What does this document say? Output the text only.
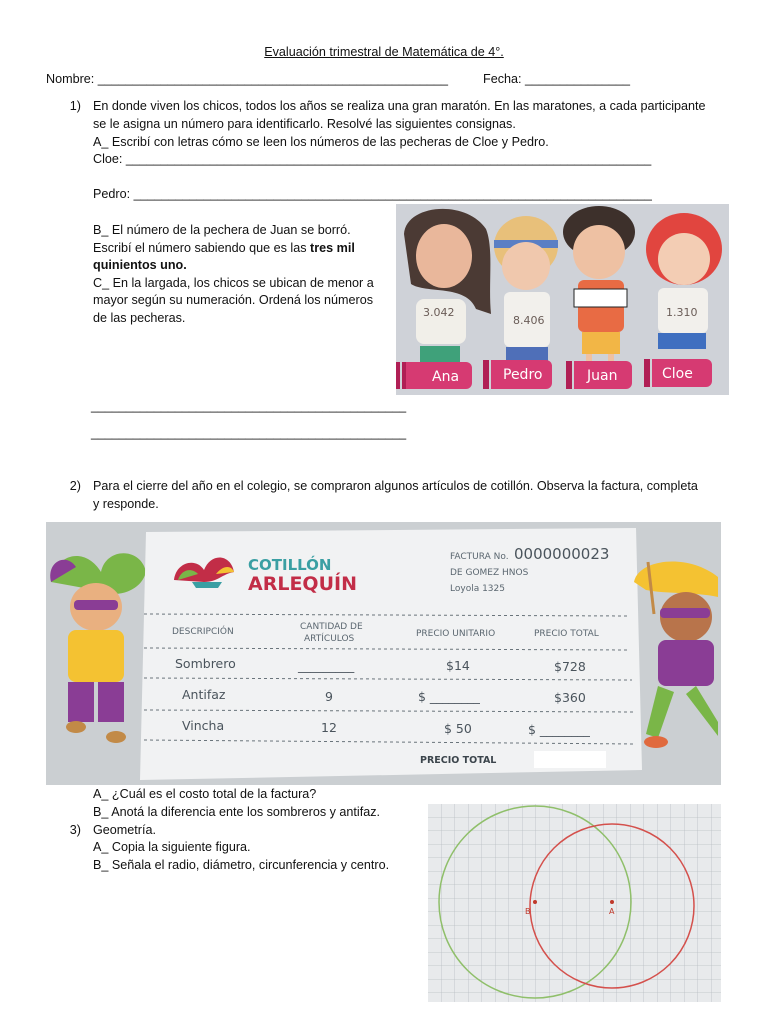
Evaluación trimestral de Matemática de 4°.
Nombre: __________________________________________________	Fecha: _______________
1) En donde viven los chicos, todos los años se realiza una gran maratón. En las maratones, a cada participante
se le asigna un número para identificarlo. Resolvé las siguientes consignas.
A_ Escribí con letras cómo se leen los números de las pecheras de Cloe y Pedro.
Cloe: ___________________________________________________________________________
Pedro: __________________________________________________________________________
B_ El número de la pechera de Juan se borró.
Escribí el número sabiendo que es las tres mil
quinientos uno.
C_ En la largada, los chicos se ubican de menor a
mayor según su numeración. Ordená los números
de las pecheras.
_____________________________________________
_____________________________________________
3.042
8.406
1.310
Ana	Pedro	Juan	Cloe
2) Para el cierre del año en el colegio, se compraron algunos artículos de cotillón. Observa la factura, completa
y responde.
COTILLÓN
ARLEQUÍN
FACTURA No. 0000000023
DE GOMEZ HNOS
Loyola 1325
DESCRIPCIÓN	CANTIDAD DE
ARTÍCULOS	PRECIO UNITARIO	PRECIO TOTAL
Sombrero	_________	$14	$728
Antifaz	9	$ ________	$360
Vincha	12	$ 50	$ ________
PRECIO TOTAL
A_ ¿Cuál es el costo total de la factura?
B_ Anotá la diferencia ente los sombreros y antifaz.
3) Geometría.
A_ Copia la siguiente figura.
B_ Señala el radio, diámetro, circunferencia y centro.
B	A
